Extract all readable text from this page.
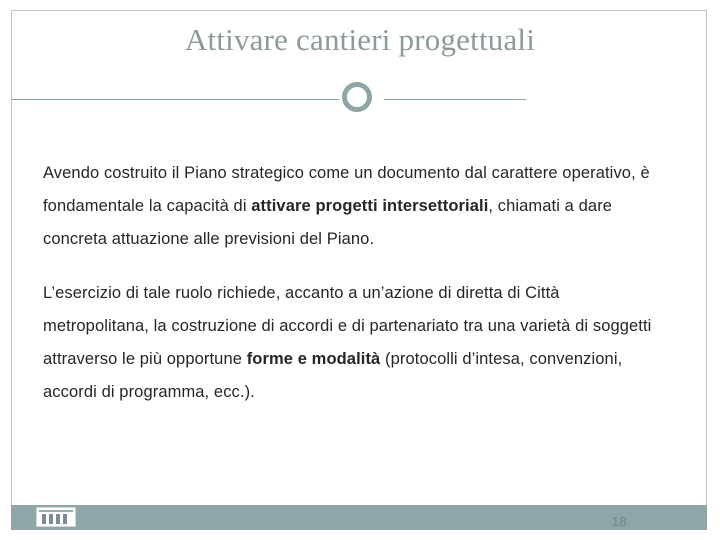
Attivare cantieri progettuali

Avendo costruito il Piano strategico come un documento dal carattere operativo, è fondamentale la capacità di attivare progetti intersettoriali, chiamati a dare concreta attuazione alle previsioni del Piano.

L’esercizio di tale ruolo richiede, accanto a un’azione di diretta di Città metropolitana, la costruzione di accordi e di partenariato tra una varietà di soggetti attraverso le più opportune forme e modalità (protocolli d’intesa, convenzioni, accordi di programma, ecc.).

18
